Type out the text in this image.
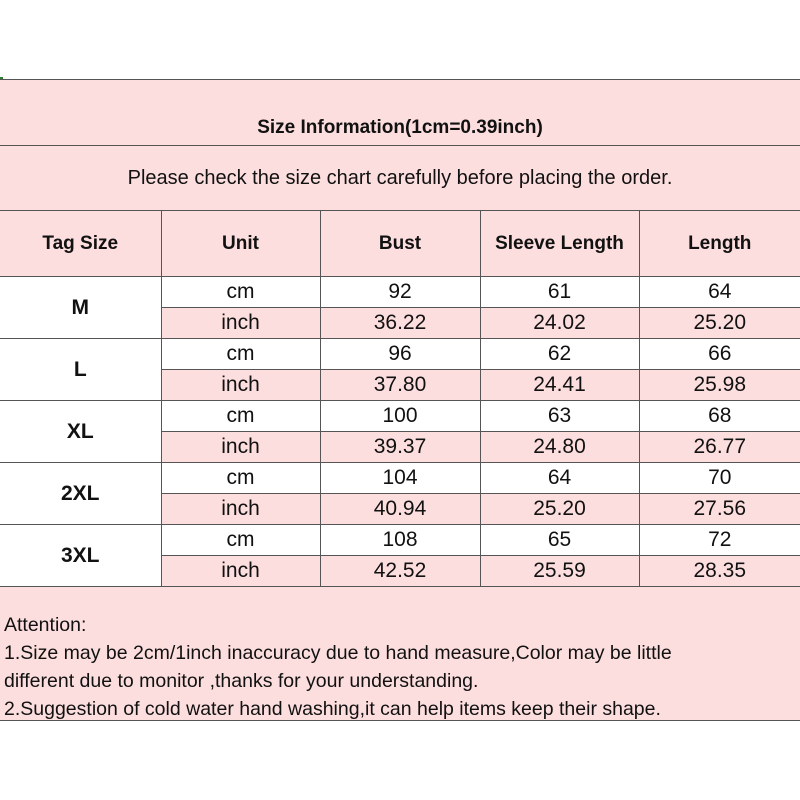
Size Information(1cm=0.39inch)
Please check the size chart carefully before placing the order.
Tag Size	Unit	Bust	Sleeve Length	Length
M	cm	92	61	64
	inch	36.22	24.02	25.20
L	cm	96	62	66
	inch	37.80	24.41	25.98
XL	cm	100	63	68
	inch	39.37	24.80	26.77
2XL	cm	104	64	70
	inch	40.94	25.20	27.56
3XL	cm	108	65	72
	inch	42.52	25.59	28.35
Attention:
1.Size may be 2cm/1inch inaccuracy due to hand measure,Color may be little
different due to monitor ,thanks for your understanding.
2.Suggestion of cold water hand washing,it can help items keep their shape.
